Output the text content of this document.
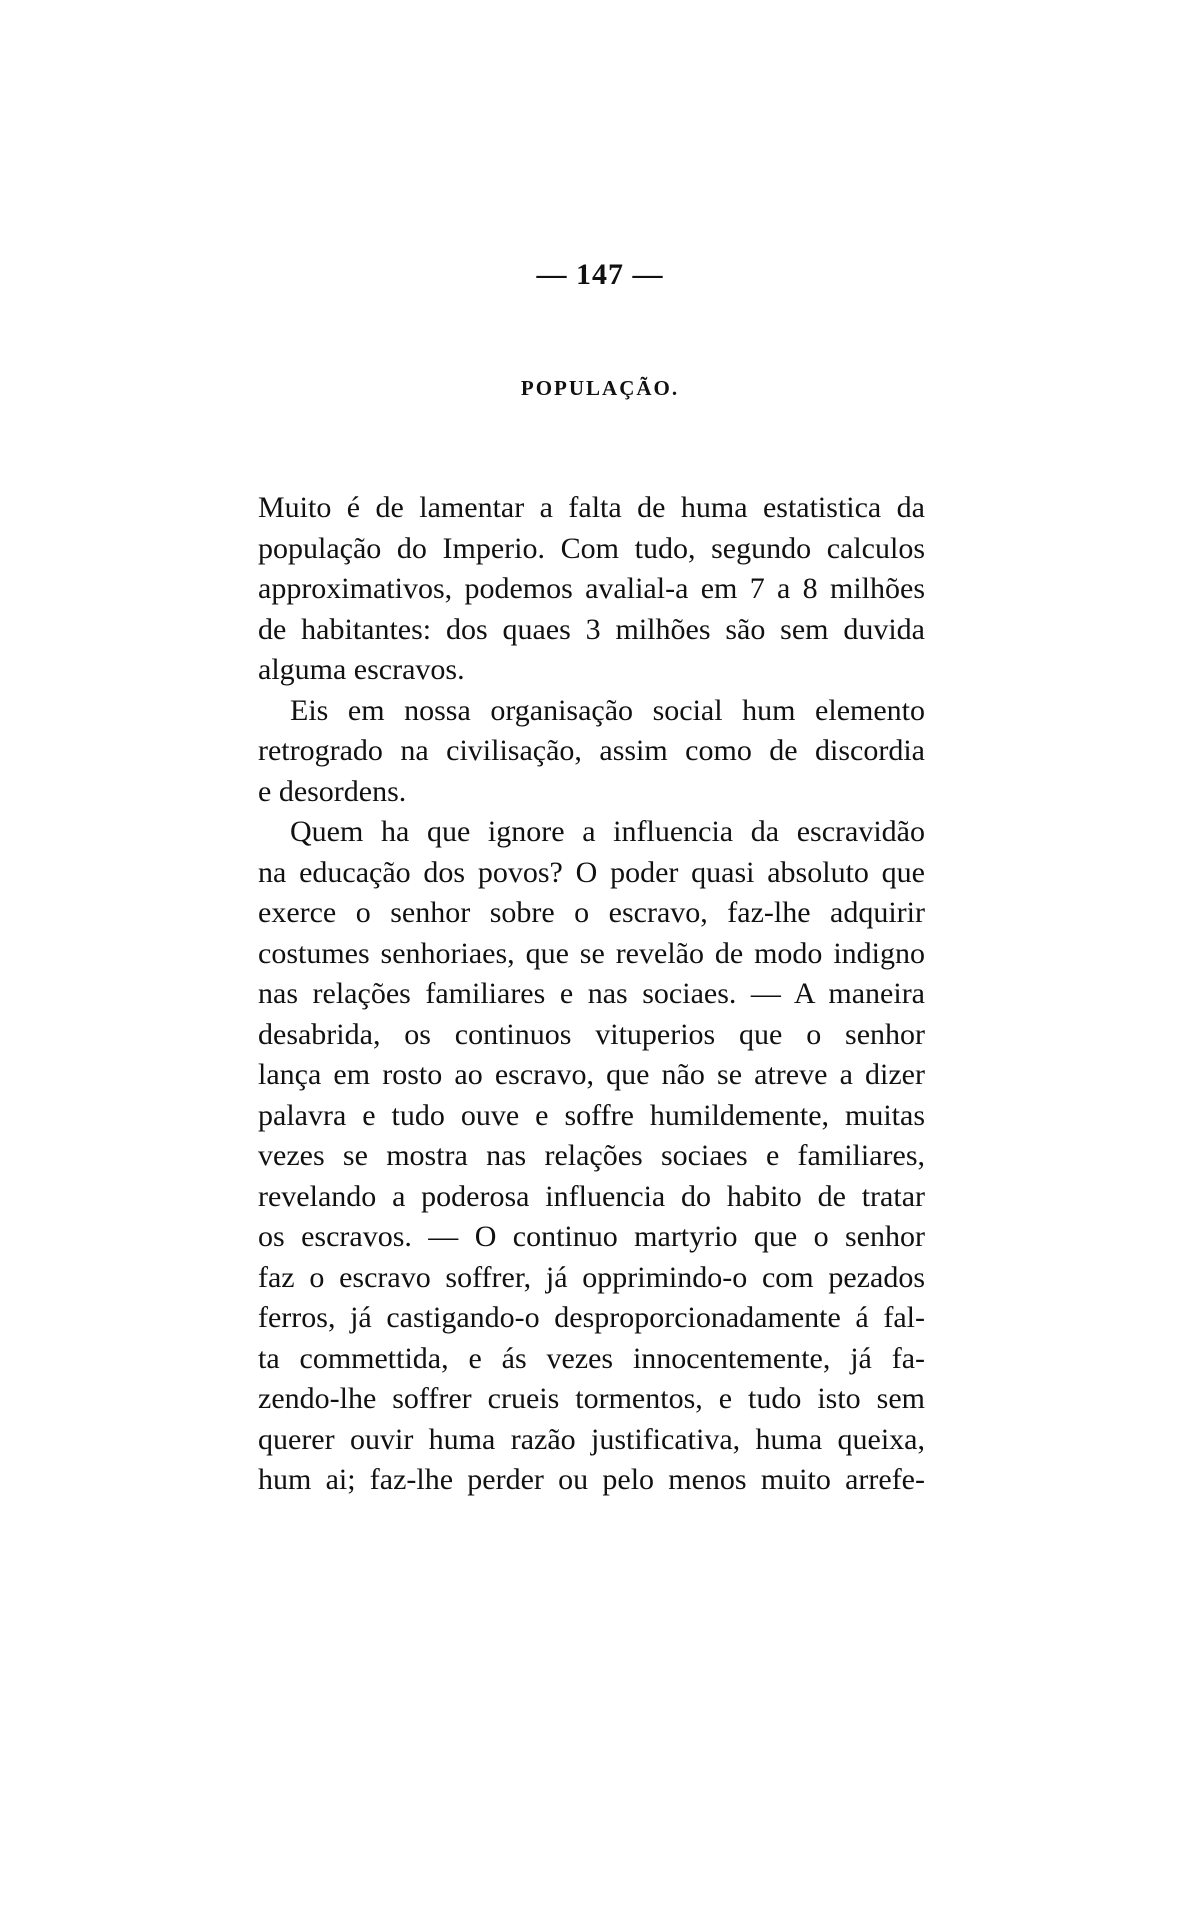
— 147 —
POPULAÇÃO.
Muito é de lamentar a falta de huma estatistica da
população do Imperio. Com tudo, segundo calculos
approximativos, podemos avalial-a em 7 a 8 milhões
de habitantes: dos quaes 3 milhões são sem duvida
alguma escravos.
Eis em nossa organisação social hum elemento
retrogrado na civilisação, assim como de discordia
e desordens.
Quem ha que ignore a influencia da escravidão
na educação dos povos? O poder quasi absoluto que
exerce o senhor sobre o escravo, faz-lhe adquirir
costumes senhoriaes, que se revelão de modo indigno
nas relações familiares e nas sociaes. — A maneira
desabrida, os continuos vituperios que o senhor
lança em rosto ao escravo, que não se atreve a dizer
palavra e tudo ouve e soffre humildemente, muitas
vezes se mostra nas relações sociaes e familiares,
revelando a poderosa influencia do habito de tratar
os escravos. — O continuo martyrio que o senhor
faz o escravo soffrer, já opprimindo-o com pezados
ferros, já castigando-o desproporcionadamente á fal-
ta commettida, e ás vezes innocentemente, já fa-
zendo-lhe soffrer crueis tormentos, e tudo isto sem
querer ouvir huma razão justificativa, huma queixa,
hum ai; faz-lhe perder ou pelo menos muito arrefe-
